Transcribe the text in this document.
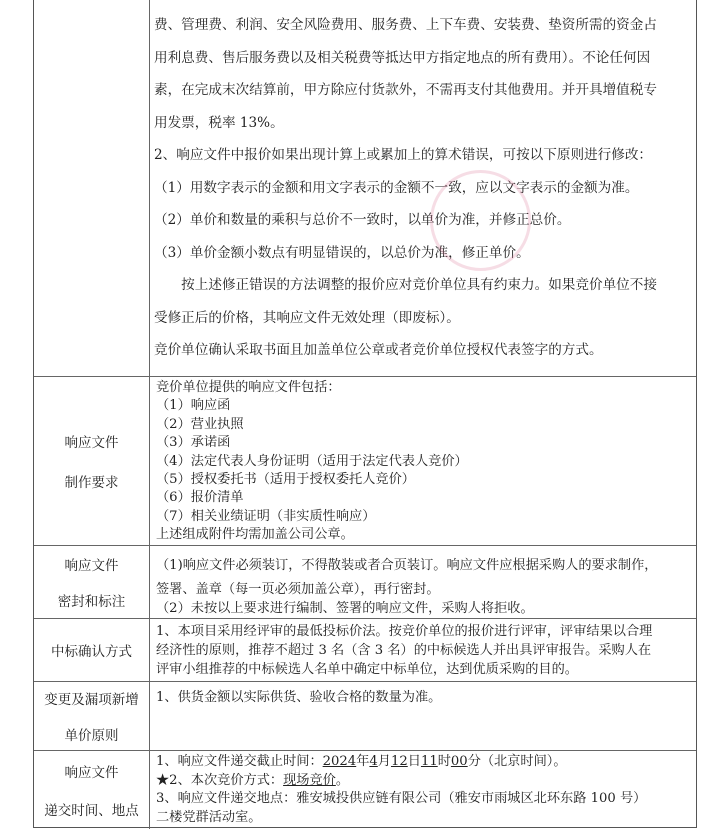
费、管理费、利润、安全风险费用、服务费、上下车费、安装费、垫资所需的资金占
用利息费、售后服务费以及相关税费等抵达甲方指定地点的所有费用）。不论任何因
素，在完成末次结算前，甲方除应付货款外，不需再支付其他费用。并开具增值税专
用发票，税率 13%。
2、响应文件中报价如果出现计算上或累加上的算术错误，可按以下原则进行修改：
（1）用数字表示的金额和用文字表示的金额不一致，应以文字表示的金额为准。
（2）单价和数量的乘积与总价不一致时，以单价为准，并修正总价。
（3）单价金额小数点有明显错误的，以总价为准，修正单价。
　　按上述修正错误的方法调整的报价应对竞价单位具有约束力。如果竞价单位不接
受修正后的价格，其响应文件无效处理（即废标）。
竞价单位确认采取书面且加盖单位公章或者竞价单位授权代表签字的方式。
响应文件
制作要求
竞价单位提供的响应文件包括：
（1）响应函
（2）营业执照
（3）承诺函
（4）法定代表人身份证明（适用于法定代表人竞价）
（5）授权委托书（适用于授权委托人竞价）
（6）报价清单
（7）相关业绩证明（非实质性响应）
上述组成附件均需加盖公司公章。
响应文件
密封和标注
（1)响应文件必须装订，不得散装或者合页装订。响应文件应根据采购人的要求制作，
签署、盖章（每一页必须加盖公章），再行密封。
（2）未按以上要求进行编制、签署的响应文件，采购人将拒收。
中标确认方式
1、本项目采用经评审的最低投标价法。按竞价单位的报价进行评审，评审结果以合理
经济性的原则，推荐不超过 3 名（含 3 名）的中标候选人并出具评审报告。采购人在
评审小组推荐的中标候选人名单中确定中标单位，达到优质采购的目的。
变更及漏项新增
单价原则
1、供货金额以实际供货、验收合格的数量为准。
响应文件
递交时间、地点
1、响应文件递交截止时间：2024年4月12日11时00分（北京时间）。
★2、本次竞价方式：现场竞价。
3、响应文件递交地点：雅安城投供应链有限公司（雅安市雨城区北环东路 100 号）
二楼党群活动室。
